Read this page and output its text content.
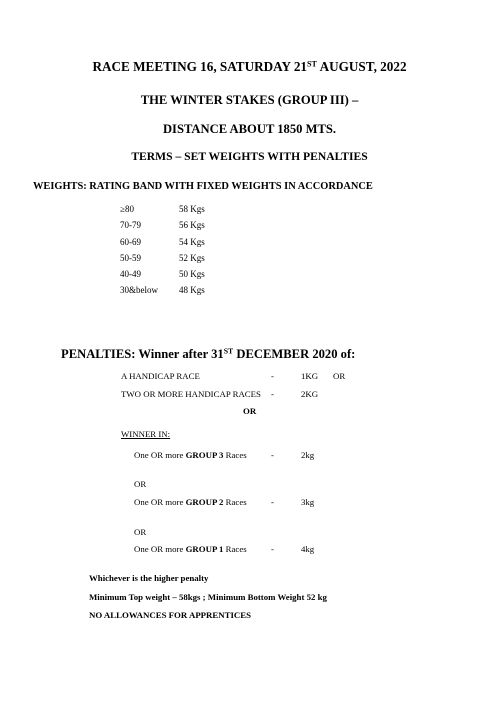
RACE MEETING 16, SATURDAY 21ST AUGUST, 2022
THE WINTER STAKES (GROUP III) –
DISTANCE ABOUT 1850 MTS.
TERMS – SET WEIGHTS WITH PENALTIES
WEIGHTS: RATING BAND WITH FIXED WEIGHTS IN ACCORDANCE
≥80	58 Kgs
70-79	56 Kgs
60-69	54 Kgs
50-59	52 Kgs
40-49	50 Kgs
30&below 48 Kgs
PENALTIES: Winner after 31ST DECEMBER 2020 of:
A HANDICAP RACE	-	1KG OR
TWO OR MORE HANDICAP RACES -	2KG
OR
WINNER IN:
One OR more GROUP 3 Races	-	2kg
OR
One OR more GROUP 2 Races	-	3kg
OR
One OR more GROUP 1 Races	-	4kg
Whichever is the higher penalty
Minimum Top weight – 58kgs ; Minimum Bottom Weight 52 kg
NO ALLOWANCES FOR APPRENTICES
